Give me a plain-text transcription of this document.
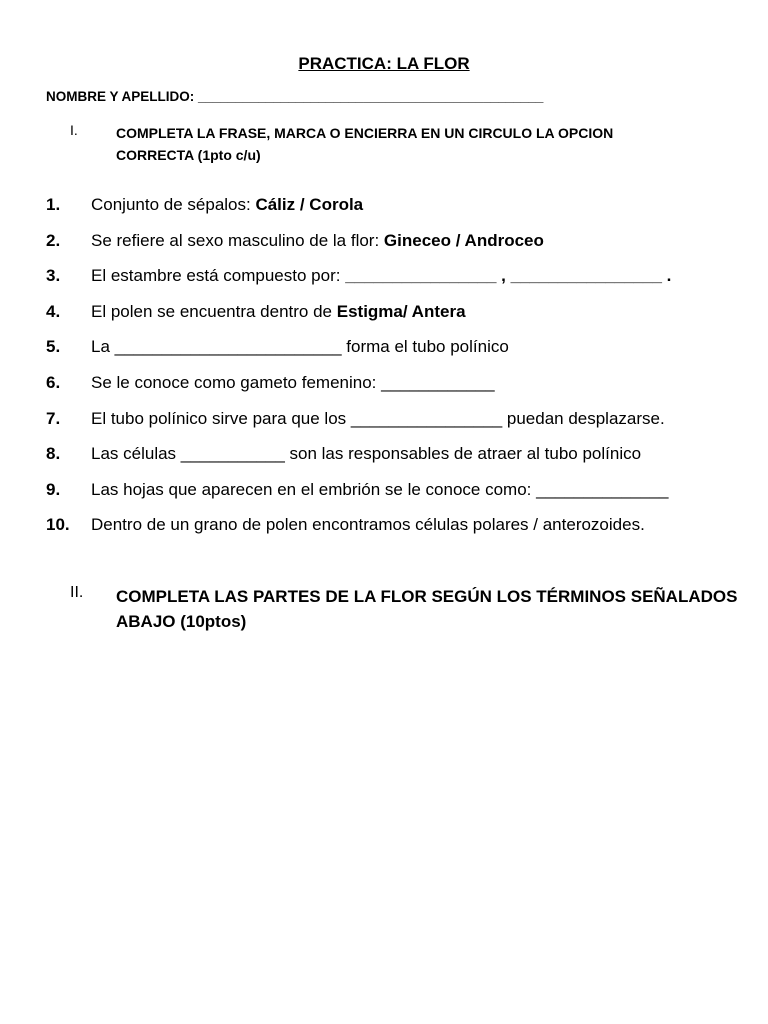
PRACTICA: LA FLOR
NOMBRE Y APELLIDO: ______________________________________________
I.	COMPLETA LA FRASE, MARCA O ENCIERRA EN UN CIRCULO LA OPCION CORRECTA (1pto c/u)
1. Conjunto de sépalos: Cáliz / Corola
2. Se refiere al sexo masculino de la flor: Gineceo / Androceo
3. El estambre está compuesto por: ________________ , ________________ .
4. El polen se encuentra dentro de Estigma/ Antera
5. La ________________________ forma el tubo polínico
6. Se le conoce como gameto femenino: ____________
7. El tubo polínico sirve para que los ________________ puedan desplazarse.
8. Las células ___________ son las responsables de atraer al tubo polínico
9. Las hojas que aparecen en el embrión se le conoce como: ______________
10. Dentro de un grano de polen encontramos células polares / anterozoides.
II. COMPLETA LAS PARTES DE LA FLOR SEGÚN LOS TÉRMINOS SEÑALADOS ABAJO (10ptos)
